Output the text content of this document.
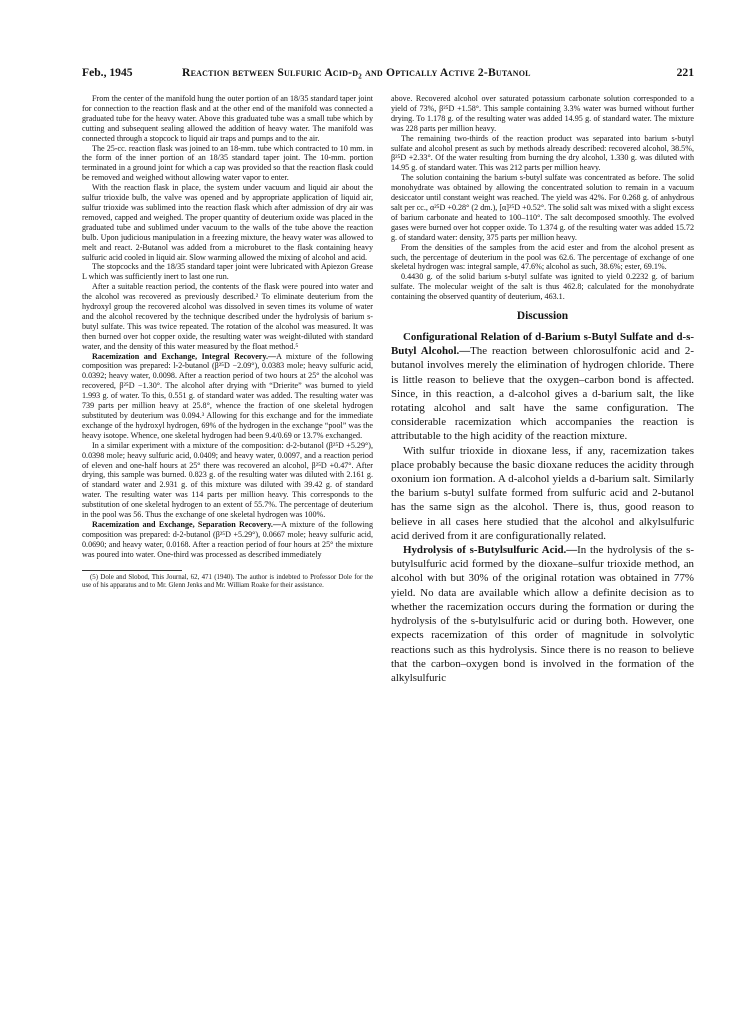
Feb., 1945	Reaction between Sulfuric Acid-d₂ and Optically Active 2-Butanol	221

From the center of the manifold hung the outer portion of an 18/35 standard taper joint for connection to the reaction flask and at the other end of the manifold was connected a graduated tube for the heavy water. Above this graduated tube was a small tube which by cutting and subsequent sealing allowed the addition of heavy water. The manifold was connected through a stopcock to liquid air traps and pumps and to the air.

The 25-cc. reaction flask was joined to an 18-mm. tube which contracted to 10 mm. in the form of the inner portion of an 18/35 standard taper joint. The 10-mm. portion terminated in a ground joint for which a cap was provided so that the reaction flask could be removed and weighed without allowing water vapor to enter.

With the reaction flask in place, the system under vacuum and liquid air about the sulfur trioxide bulb, the valve was opened and by appropriate application of liquid air, sulfur trioxide was sublimed into the reaction flask which after admission of dry air was removed, capped and weighed. The proper quantity of deuterium oxide was placed in the graduated tube and sublimed under vacuum to the walls of the tube above the reaction bulb. Upon judicious manipulation in a freezing mixture, the heavy water was allowed to melt and react. 2-Butanol was added from a microburet to the flask containing heavy sulfuric acid cooled in liquid air. Slow warming allowed the mixing of alcohol and acid.

The stopcocks and the 18/35 standard taper joint were lubricated with Apiezon Grease L which was sufficiently inert to last one run.

After a suitable reaction period, the contents of the flask were poured into water and the alcohol was recovered as previously described.² To eliminate deuterium from the hydroxyl group the recovered alcohol was dissolved in seven times its volume of water and the alcohol recovered by the technique described under the hydrolysis of barium s-butyl sulfate. This was twice repeated. The rotation of the alcohol was measured. It was then burned over hot copper oxide, the resulting water was weight-diluted with standard water, and the density of this water measured by the float method.⁵

Racemization and Exchange, Integral Recovery.—A mixture of the following composition was prepared: l-2-butanol (β²⁵D −2.09°), 0.0383 mole; heavy sulfuric acid, 0.0392; heavy water, 0.0098. After a reaction period of two hours at 25° the alcohol was recovered, β²⁵D −1.30°. The alcohol after drying with “Drierite” was burned to yield 1.993 g. of water. To this, 0.551 g. of standard water was added. The resulting water was 739 parts per million heavy at 25.8°, whence the fraction of one skeletal hydrogen substituted by deuterium was 0.094.³ Allowing for this exchange and for the immediate exchange of the hydroxyl hydrogen, 69% of the hydrogen in the exchange “pool” was the heavy isotope. Whence, one skeletal hydrogen had been 9.4/0.69 or 13.7% exchanged.

In a similar experiment with a mixture of the composition: d-2-butanol (β²⁵D +5.29°), 0.0398 mole; heavy sulfuric acid, 0.0409; and heavy water, 0.0097, and a reaction period of eleven and one-half hours at 25° there was recovered an alcohol, β²⁵D +0.47°. After drying, this sample was burned. 0.823 g. of the resulting water was diluted with 2.161 g. of standard water and 2.931 g. of this mixture was diluted with 39.42 g. of standard water. The resulting water was 114 parts per million heavy. This corresponds to the substitution of one skeletal hydrogen to an extent of 55.7%. The percentage of deuterium in the pool was 56. Thus the exchange of one skeletal hydrogen was 100%.

Racemization and Exchange, Separation Recovery.—A mixture of the following composition was prepared: d-2-butanol (β²⁵D +5.29°), 0.0667 mole; heavy sulfuric acid, 0.0690; and heavy water, 0.0168. After a reaction period of four hours at 25° the mixture was poured into water. One-third was processed as described immediately

(5) Dole and Slobod, This Journal, 62, 471 (1940). The author is indebted to Professor Dole for the use of his apparatus and to Mr. Glenn Jenks and Mr. William Roake for their assistance.

above. Recovered alcohol over saturated potassium carbonate solution corresponded to a yield of 73%, β²⁵D +1.58°. This sample containing 3.3% water was burned without further drying. To 1.178 g. of the resulting water was added 14.95 g. of standard water. The mixture was 228 parts per million heavy.

The remaining two-thirds of the reaction product was separated into barium s-butyl sulfate and alcohol present as such by methods already described: recovered alcohol, 38.5%, β²⁵D +2.33°. Of the water resulting from burning the dry alcohol, 1.330 g. was diluted with 14.95 g. of standard water. This was 212 parts per million heavy.

The solution containing the barium s-butyl sulfate was concentrated as before. The solid monohydrate was obtained by allowing the concentrated solution to remain in a vacuum desiccator until constant weight was reached. The yield was 42%. For 0.268 g. of anhydrous salt per cc., α²⁵D +0.28° (2 dm.), [α]²⁵D +0.52°. The solid salt was mixed with a slight excess of barium carbonate and heated to 100–110°. The salt decomposed smoothly. The evolved gases were burned over hot copper oxide. To 1.374 g. of the resulting water was added 15.72 g. of standard water: density, 375 parts per million heavy.

From the densities of the samples from the acid ester and from the alcohol present as such, the percentage of deuterium in the pool was 62.6. The percentage of exchange of one skeletal hydrogen was: integral sample, 47.6%; alcohol as such, 38.6%; ester, 69.1%.

0.4430 g. of the solid barium s-butyl sulfate was ignited to yield 0.2232 g. of barium sulfate. The molecular weight of the salt is thus 462.8; calculated for the monohydrate containing the observed quantity of deuterium, 463.1.

Discussion

Configurational Relation of d-Barium s-Butyl Sulfate and d-s-Butyl Alcohol.—The reaction between chlorosulfonic acid and 2-butanol involves merely the elimination of hydrogen chloride. There is little reason to believe that the oxygen–carbon bond is affected. Since, in this reaction, a d-alcohol gives a d-barium salt, the like rotating alcohol and salt have the same configuration. The considerable racemization which accompanies the reaction is attributable to the high acidity of the reaction mixture.

With sulfur trioxide in dioxane less, if any, racemization takes place probably because the basic dioxane reduces the acidity through oxonium ion formation. A d-alcohol yields a d-barium salt. Similarly the barium s-butyl sulfate formed from sulfuric acid and 2-butanol has the same sign as the alcohol. There is, thus, good reason to believe in all cases here studied that the alcohol and alkylsulfuric acid derived from it are configurationally related.

Hydrolysis of s-Butylsulfuric Acid.—In the hydrolysis of the s-butylsulfuric acid formed by the dioxane–sulfur trioxide method, an alcohol with but 30% of the original rotation was obtained in 77% yield. No data are available which allow a definite decision as to whether the racemization occurs during the formation or during the hydrolysis of the s-butylsulfuric acid or during both. However, one expects racemization of this order of magnitude in solvolytic reactions such as this hydrolysis. Since there is no reason to believe that the carbon–oxygen bond is involved in the formation of the alkylsulfuric
